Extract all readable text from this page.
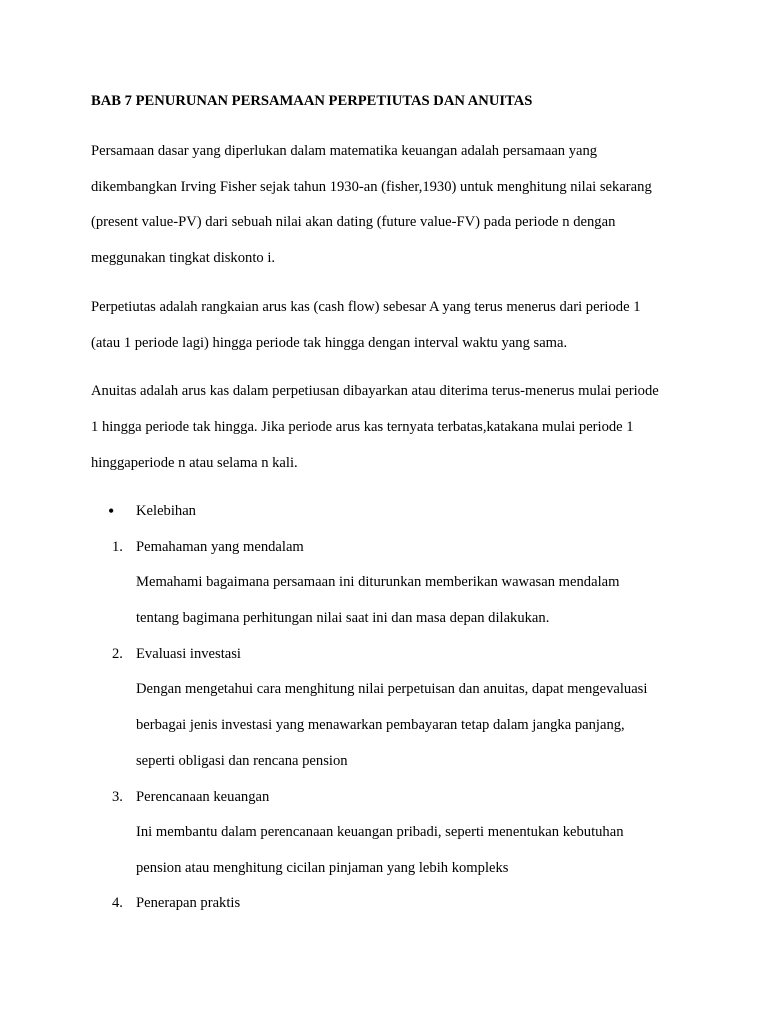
BAB 7 PENURUNAN PERSAMAAN PERPETIUTAS DAN ANUITAS
Persamaan dasar yang diperlukan dalam matematika keuangan adalah persamaan yang
dikembangkan Irving Fisher sejak tahun 1930-an (fisher,1930) untuk menghitung nilai sekarang
(present value-PV) dari sebuah nilai akan dating (future value-FV) pada periode n dengan
meggunakan tingkat diskonto i.
Perpetiutas adalah rangkaian arus kas (cash flow) sebesar A yang terus menerus dari periode 1
(atau 1 periode lagi) hingga periode tak hingga dengan interval waktu yang sama.
Anuitas adalah arus kas dalam perpetiusan dibayarkan atau diterima terus-menerus mulai periode
1 hingga periode tak hingga. Jika periode arus kas ternyata terbatas,katakana mulai periode 1
hinggaperiode n atau selama n kali.
• Kelebihan
1. Pemahaman yang mendalam
Memahami bagaimana persamaan ini diturunkan memberikan wawasan mendalam
tentang bagimana perhitungan nilai saat ini dan masa depan dilakukan.
2. Evaluasi investasi
Dengan mengetahui cara menghitung nilai perpetuisan dan anuitas, dapat mengevaluasi
berbagai jenis investasi yang menawarkan pembayaran tetap dalam jangka panjang,
seperti obligasi dan rencana pension
3. Perencanaan keuangan
Ini membantu dalam perencanaan keuangan pribadi, seperti menentukan kebutuhan
pension atau menghitung cicilan pinjaman yang lebih kompleks
4. Penerapan praktis
